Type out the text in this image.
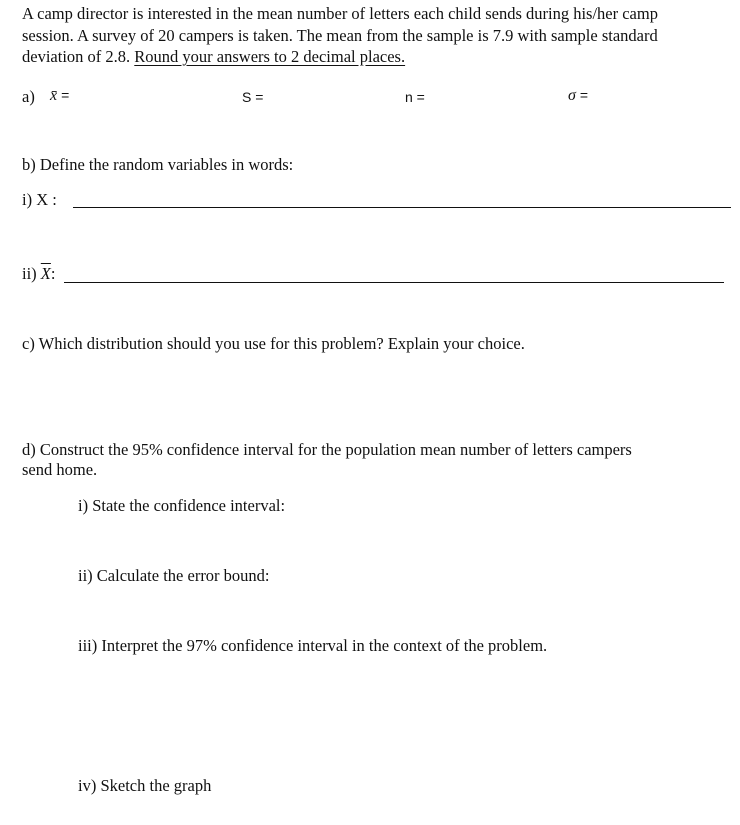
A camp director is interested in the mean number of letters each child sends during his/her camp
session. A survey of 20 campers is taken. The mean from the sample is 7.9 with sample standard
deviation of 2.8. Round your answers to 2 decimal places.
a) x̄ =	S =	n =	σ =
b) Define the random variables in words:
i) X :
ii) $\overline{X}$:
c) Which distribution should you use for this problem? Explain your choice.
d) Construct the 95% confidence interval for the population mean number of letters campers
send home.
i) State the confidence interval:
ii) Calculate the error bound:
iii) Interpret the 97% confidence interval in the context of the problem.
iv) Sketch the graph
